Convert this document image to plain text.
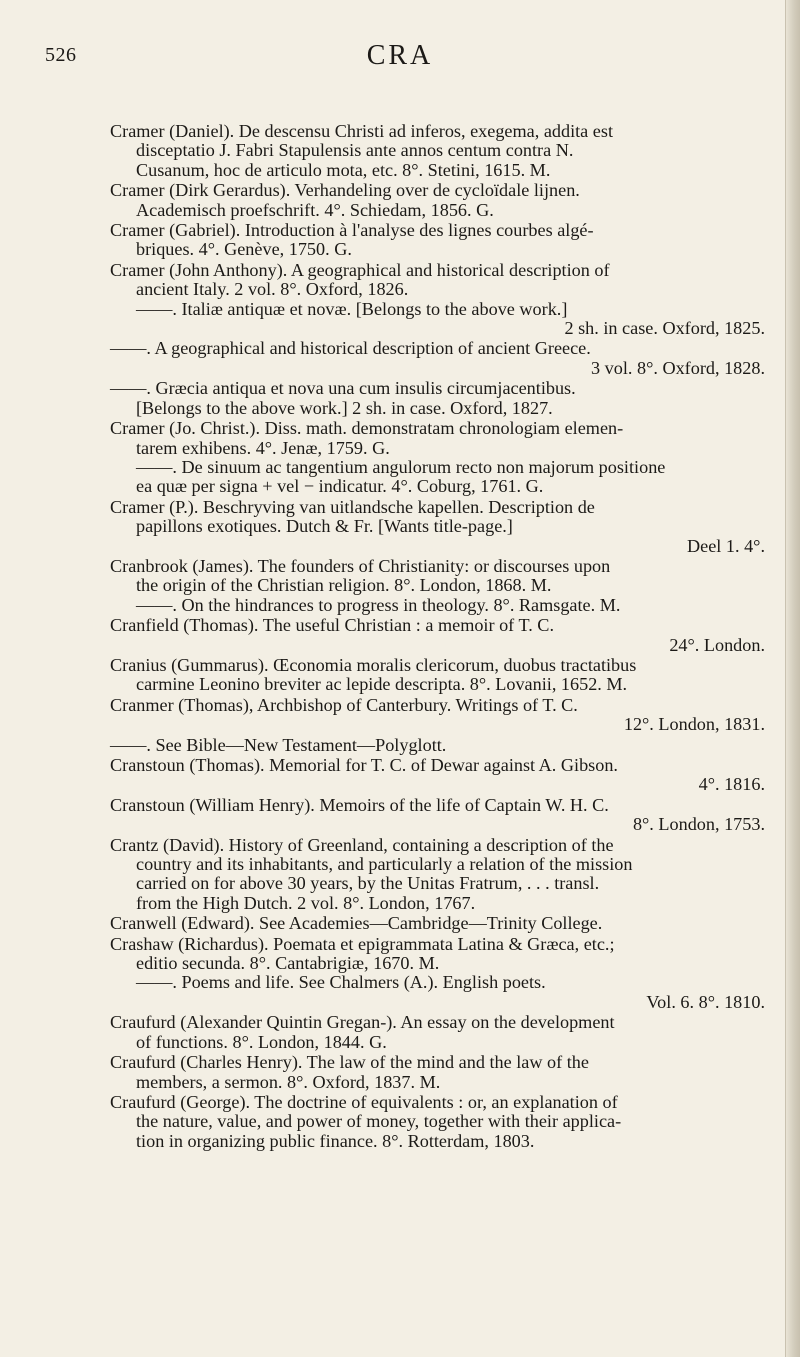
526	CRA
Cramer (Daniel). De descensu Christi ad inferos, exegema, addita est
disceptatio J. Fabri Stapulensis ante annos centum contra N.
Cusanum, hoc de articulo mota, etc. 8°. Stetini, 1615. M.
Cramer (Dirk Gerardus). Verhandeling over de cycloïdale lijnen.
Academisch proefschrift. 4°. Schiedam, 1856. G.
Cramer (Gabriel). Introduction à l'analyse des lignes courbes algé-
briques. 4°. Genève, 1750. G.
Cramer (John Anthony). A geographical and historical description of
ancient Italy. 2 vol. 8°. Oxford, 1826.
——. Italiæ antiquæ et novæ. [Belongs to the above work.]
2 sh. in case. Oxford, 1825.
——. A geographical and historical description of ancient Greece.
3 vol. 8°. Oxford, 1828.
——. Græcia antiqua et nova una cum insulis circumjacentibus.
[Belongs to the above work.] 2 sh. in case. Oxford, 1827.
Cramer (Jo. Christ.). Diss. math. demonstratam chronologiam elemen-
tarem exhibens. 4°. Jenæ, 1759. G.
——. De sinuum ac tangentium angulorum recto non majorum positione
ea quæ per signa + vel − indicatur. 4°. Coburg, 1761. G.
Cramer (P.). Beschryving van uitlandsche kapellen. Description de
papillons exotiques. Dutch & Fr. [Wants title-page.]
Deel 1. 4°.
Cranbrook (James). The founders of Christianity: or discourses upon
the origin of the Christian religion. 8°. London, 1868. M.
——. On the hindrances to progress in theology. 8°. Ramsgate. M.
Cranfield (Thomas). The useful Christian : a memoir of T. C.
24°. London.
Cranius (Gummarus). Œconomia moralis clericorum, duobus tractatibus
carmine Leonino breviter ac lepide descripta. 8°. Lovanii, 1652. M.
Cranmer (Thomas), Archbishop of Canterbury. Writings of T. C.
12°. London, 1831.
——. See Bible—New Testament—Polyglott.
Cranstoun (Thomas). Memorial for T. C. of Dewar against A. Gibson.
4°. 1816.
Cranstoun (William Henry). Memoirs of the life of Captain W. H. C.
8°. London, 1753.
Crantz (David). History of Greenland, containing a description of the
country and its inhabitants, and particularly a relation of the mission
carried on for above 30 years, by the Unitas Fratrum, . . . transl.
from the High Dutch. 2 vol. 8°. London, 1767.
Cranwell (Edward). See Academies—Cambridge—Trinity College.
Crashaw (Richardus). Poemata et epigrammata Latina & Græca, etc.;
editio secunda. 8°. Cantabrigiæ, 1670. M.
——. Poems and life. See Chalmers (A.). English poets.
Vol. 6. 8°. 1810.
Craufurd (Alexander Quintin Gregan-). An essay on the development
of functions. 8°. London, 1844. G.
Craufurd (Charles Henry). The law of the mind and the law of the
members, a sermon. 8°. Oxford, 1837. M.
Craufurd (George). The doctrine of equivalents : or, an explanation of
the nature, value, and power of money, together with their applica-
tion in organizing public finance. 8°. Rotterdam, 1803.
